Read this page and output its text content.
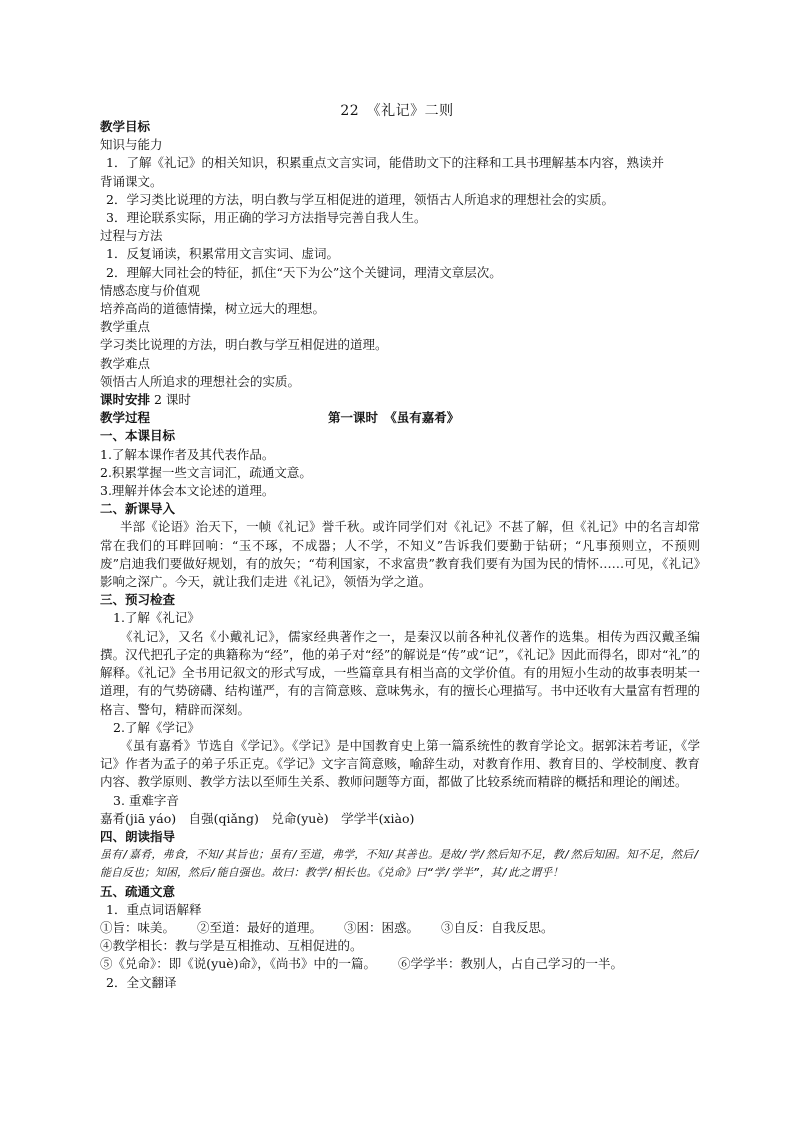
22　《礼记》二则
教学目标
知识与能力
1．了解《礼记》的相关知识，积累重点文言实词，能借助文下的注释和工具书理解基本内容，熟读并
背诵课文。
2．学习类比说理的方法，明白教与学互相促进的道理，领悟古人所追求的理想社会的实质。
3．理论联系实际，用正确的学习方法指导完善自我人生。
过程与方法
1．反复诵读，积累常用文言实词、虚词。
2．理解大同社会的特征，抓住“天下为公”这个关键词，理清文章层次。
情感态度与价值观
培养高尚的道德情操，树立远大的理想。
教学重点
学习类比说理的方法，明白教与学互相促进的道理。
教学难点
领悟古人所追求的理想社会的实质。
课时安排 2 课时
教学过程	第一课时　《虽有嘉肴》
一、本课目标
1.了解本课作者及其代表作品。
2.积累掌握一些文言词汇，疏通文意。
3.理解并体会本文论述的道理。
二、新课导入
半部《论语》治天下，一帧《礼记》誉千秋。或许同学们对《礼记》不甚了解，但《礼记》中的名言却常常在我们的耳畔回响：“玉不琢，不成器；人不学，不知义”告诉我们要勤于钻研；“凡事预则立，不预则废”启迪我们要做好规划，有的放矢；“苟利国家，不求富贵”教育我们要有为国为民的情怀……可见，《礼记》影响之深广。今天，就让我们走进《礼记》，领悟为学之道。
三、预习检查
1.了解《礼记》
《礼记》，又名《小戴礼记》，儒家经典著作之一，是秦汉以前各种礼仪著作的选集。相传为西汉戴圣编撰。汉代把孔子定的典籍称为“经”，他的弟子对“经”的解说是“传”或“记”，《礼记》因此而得名，即对“礼”的解释。《礼记》全书用记叙文的形式写成，一些篇章具有相当高的文学价值。有的用短小生动的故事表明某一道理，有的气势磅礴、结构谨严，有的言简意赅、意味隽永，有的擅长心理描写。书中还收有大量富有哲理的格言、警句，精辟而深刻。
2.了解《学记》
《虽有嘉肴》节选自《学记》。《学记》是中国教育史上第一篇系统性的教育学论文。据郭沫若考证，《学记》作者为孟子的弟子乐正克。《学记》文字言简意赅，喻辞生动，对教育作用、教育目的、学校制度、教育内容、教学原则、教学方法以至师生关系、教师问题等方面，都做了比较系统而精辟的概括和理论的阐述。
3. 重难字音
嘉肴(jiā yáo)　自强(qiǎng)　兑命(yuè)　学学半(xiào)
四、朗读指导
虽有/嘉肴，弗食，不知/其旨也；虽有/至道，弗学，不知/其善也。是故/学/然后知不足，教/然后知困。知不足，然后/能自反也；知困，然后/能自强也。故曰：教学/相长也。《兑命》曰“学/学半”，其/此之谓乎！
五、疏通文意
1．重点词语解释
①旨：味美。 ②至道：最好的道理。 ③困：困惑。 ③自反：自我反思。
④教学相长：教与学是互相推动、互相促进的。
⑤《兑命》：即《说(yuè)命》，《尚书》中的一篇。 ⑥学学半：教别人，占自己学习的一半。
2．全文翻译
